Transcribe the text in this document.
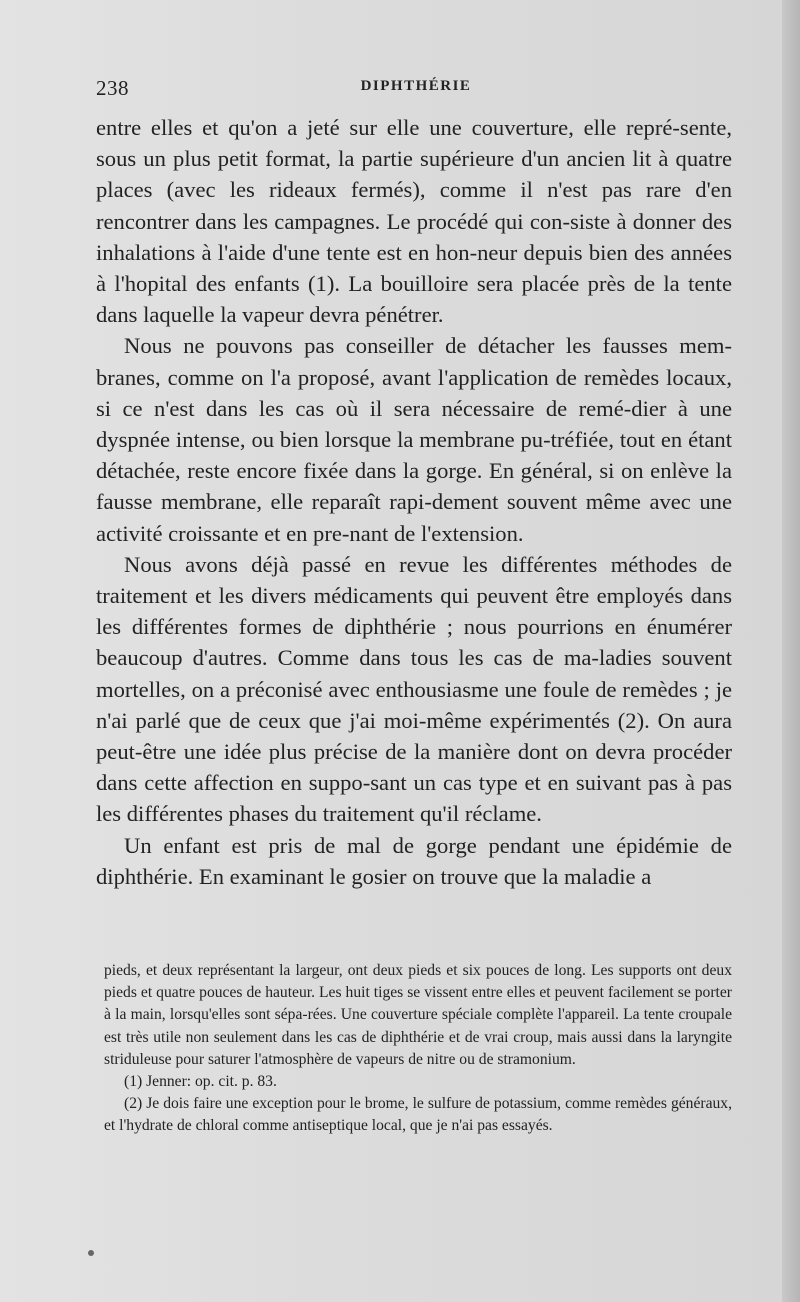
238	DIPHTHÉRIE

entre elles et qu'on a jeté sur elle une couverture, elle repré-sente, sous un plus petit format, la partie supérieure d'un ancien lit à quatre places (avec les rideaux fermés), comme il n'est pas rare d'en rencontrer dans les campagnes. Le procédé qui con-siste à donner des inhalations à l'aide d'une tente est en hon-neur depuis bien des années à l'hopital des enfants (1). La bouilloire sera placée près de la tente dans laquelle la vapeur devra pénétrer.

Nous ne pouvons pas conseiller de détacher les fausses mem-branes, comme on l'a proposé, avant l'application de remèdes locaux, si ce n'est dans les cas où il sera nécessaire de remé-dier à une dyspnée intense, ou bien lorsque la membrane pu-tréfiée, tout en étant détachée, reste encore fixée dans la gorge. En général, si on enlève la fausse membrane, elle reparaît rapi-dement souvent même avec une activité croissante et en pre-nant de l'extension.

Nous avons déjà passé en revue les différentes méthodes de traitement et les divers médicaments qui peuvent être employés dans les différentes formes de diphthérie ; nous pourrions en énumérer beaucoup d'autres. Comme dans tous les cas de ma-ladies souvent mortelles, on a préconisé avec enthousiasme une foule de remèdes ; je n'ai parlé que de ceux que j'ai moi-même expérimentés (2). On aura peut-être une idée plus précise de la manière dont on devra procéder dans cette affection en suppo-sant un cas type et en suivant pas à pas les différentes phases du traitement qu'il réclame.

Un enfant est pris de mal de gorge pendant une épidémie de diphthérie. En examinant le gosier on trouve que la maladie a

pieds, et deux représentant la largeur, ont deux pieds et six pouces de long. Les supports ont deux pieds et quatre pouces de hauteur. Les huit tiges se vissent entre elles et peuvent facilement se porter à la main, lorsqu'elles sont sépa-rées. Une couverture spéciale complète l'appareil. La tente croupale est très utile non seulement dans les cas de diphthérie et de vrai croup, mais aussi dans la laryngite striduleuse pour saturer l'atmosphère de vapeurs de nitre ou de stramonium.

(1) Jenner: op. cit. p. 83.

(2) Je dois faire une exception pour le brome, le sulfure de potassium, comme remèdes généraux, et l'hydrate de chloral comme antiseptique local, que je n'ai pas essayés.
